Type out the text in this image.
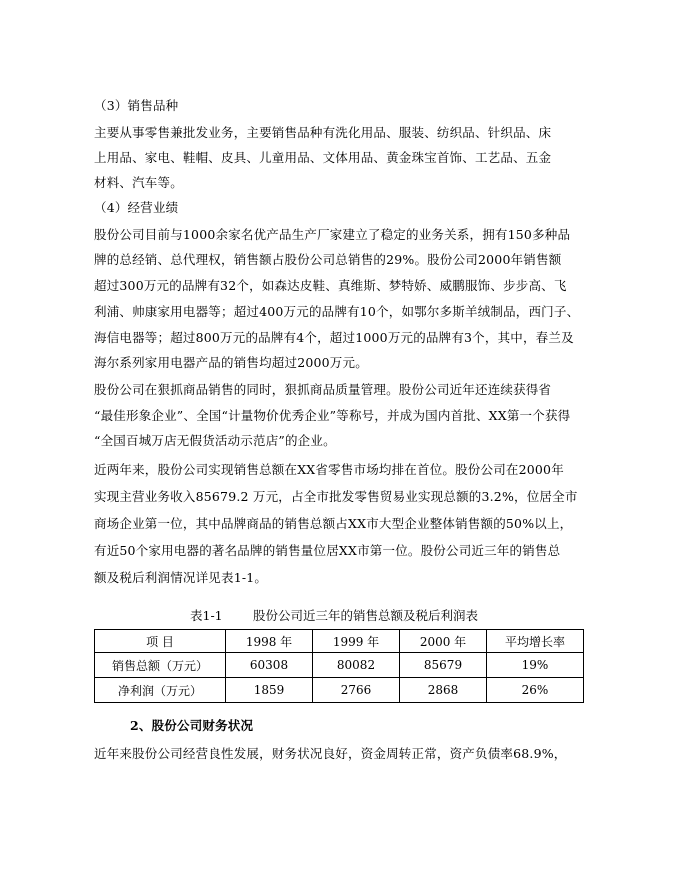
（3）销售品种
主要从事零售兼批发业务，主要销售品种有洗化用品、服装、纺织品、针织品、床
上用品、家电、鞋帽、皮具、儿童用品、文体用品、黄金珠宝首饰、工艺品、五金
材料、汽车等。
（4）经营业绩
股份公司目前与1000余家名优产品生产厂家建立了稳定的业务关系，拥有150多种品
牌的总经销、总代理权，销售额占股份公司总销售的29%。股份公司2000年销售额
超过300万元的品牌有32个，如森达皮鞋、真维斯、梦特娇、威鹏服饰、步步高、飞
利浦、帅康家用电器等；超过400万元的品牌有10个，如鄂尔多斯羊绒制品，西门子、
海信电器等；超过800万元的品牌有4个，超过1000万元的品牌有3个，其中，春兰及
海尔系列家用电器产品的销售均超过2000万元。
股份公司在狠抓商品销售的同时，狠抓商品质量管理。股份公司近年还连续获得省
“最佳形象企业”、全国“计量物价优秀企业”等称号，并成为国内首批、XX第一个获得
“全国百城万店无假货活动示范店”的企业。
近两年来，股份公司实现销售总额在XX省零售市场均排在首位。股份公司在2000年
实现主营业务收入85679.2 万元，占全市批发零售贸易业实现总额的3.2%，位居全市
商场企业第一位，其中品牌商品的销售总额占XX市大型企业整体销售额的50%以上，
有近50个家用电器的著名品牌的销售量位居XX市第一位。股份公司近三年的销售总
额及税后利润情况详见表1-1。
表1-1 股份公司近三年的销售总额及税后利润表
项 目	1998 年	1999 年	2000 年	平均增长率
销售总额（万元）	60308	80082	85679	19%
净利润（万元）	1859	2766	2868	26%
2、股份公司财务状况
近年来股份公司经营良性发展，财务状况良好，资金周转正常，资产负债率68.9%，
